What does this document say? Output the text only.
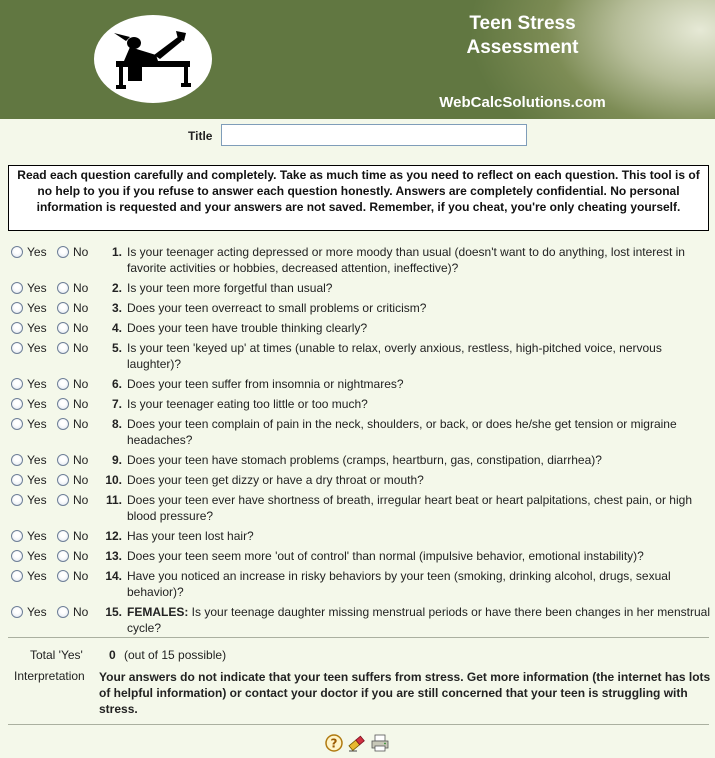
Teen Stress
Assessment
WebCalcSolutions.com
Title
Read each question carefully and completely. Take as much time as you need to reflect on each question. This tool is of no help to you if you refuse to answer each question honestly. Answers are completely confidential. No personal information is requested and your answers are not saved. Remember, if you cheat, you're only cheating yourself.
Yes No	1. Is your teenager acting depressed or more moody than usual (doesn't want to do anything, lost interest in favorite activities or hobbies, decreased attention, ineffective)?
Yes No	2. Is your teen more forgetful than usual?
Yes No	3. Does your teen overreact to small problems or criticism?
Yes No	4. Does your teen have trouble thinking clearly?
Yes No	5. Is your teen 'keyed up' at times (unable to relax, overly anxious, restless, high-pitched voice, nervous laughter)?
Yes No	6. Does your teen suffer from insomnia or nightmares?
Yes No	7. Is your teenager eating too little or too much?
Yes No	8. Does your teen complain of pain in the neck, shoulders, or back, or does he/she get tension or migraine headaches?
Yes No	9. Does your teen have stomach problems (cramps, heartburn, gas, constipation, diarrhea)?
Yes No	10. Does your teen get dizzy or have a dry throat or mouth?
Yes No	11. Does your teen ever have shortness of breath, irregular heart beat or heart palpitations, chest pain, or high blood pressure?
Yes No	12. Has your teen lost hair?
Yes No	13. Does your teen seem more 'out of control' than normal (impulsive behavior, emotional instability)?
Yes No	14. Have you noticed an increase in risky behaviors by your teen (smoking, drinking alcohol, drugs, sexual behavior)?
Yes No	15. FEMALES: Is your teenage daughter missing menstrual periods or have there been changes in her menstrual cycle?
Total 'Yes' 0 (out of 15 possible)
Interpretation Your answers do not indicate that your teen suffers from stress. Get more information (the internet has lots of helpful information) or contact your doctor if you are still concerned that your teen is struggling with stress.
?
